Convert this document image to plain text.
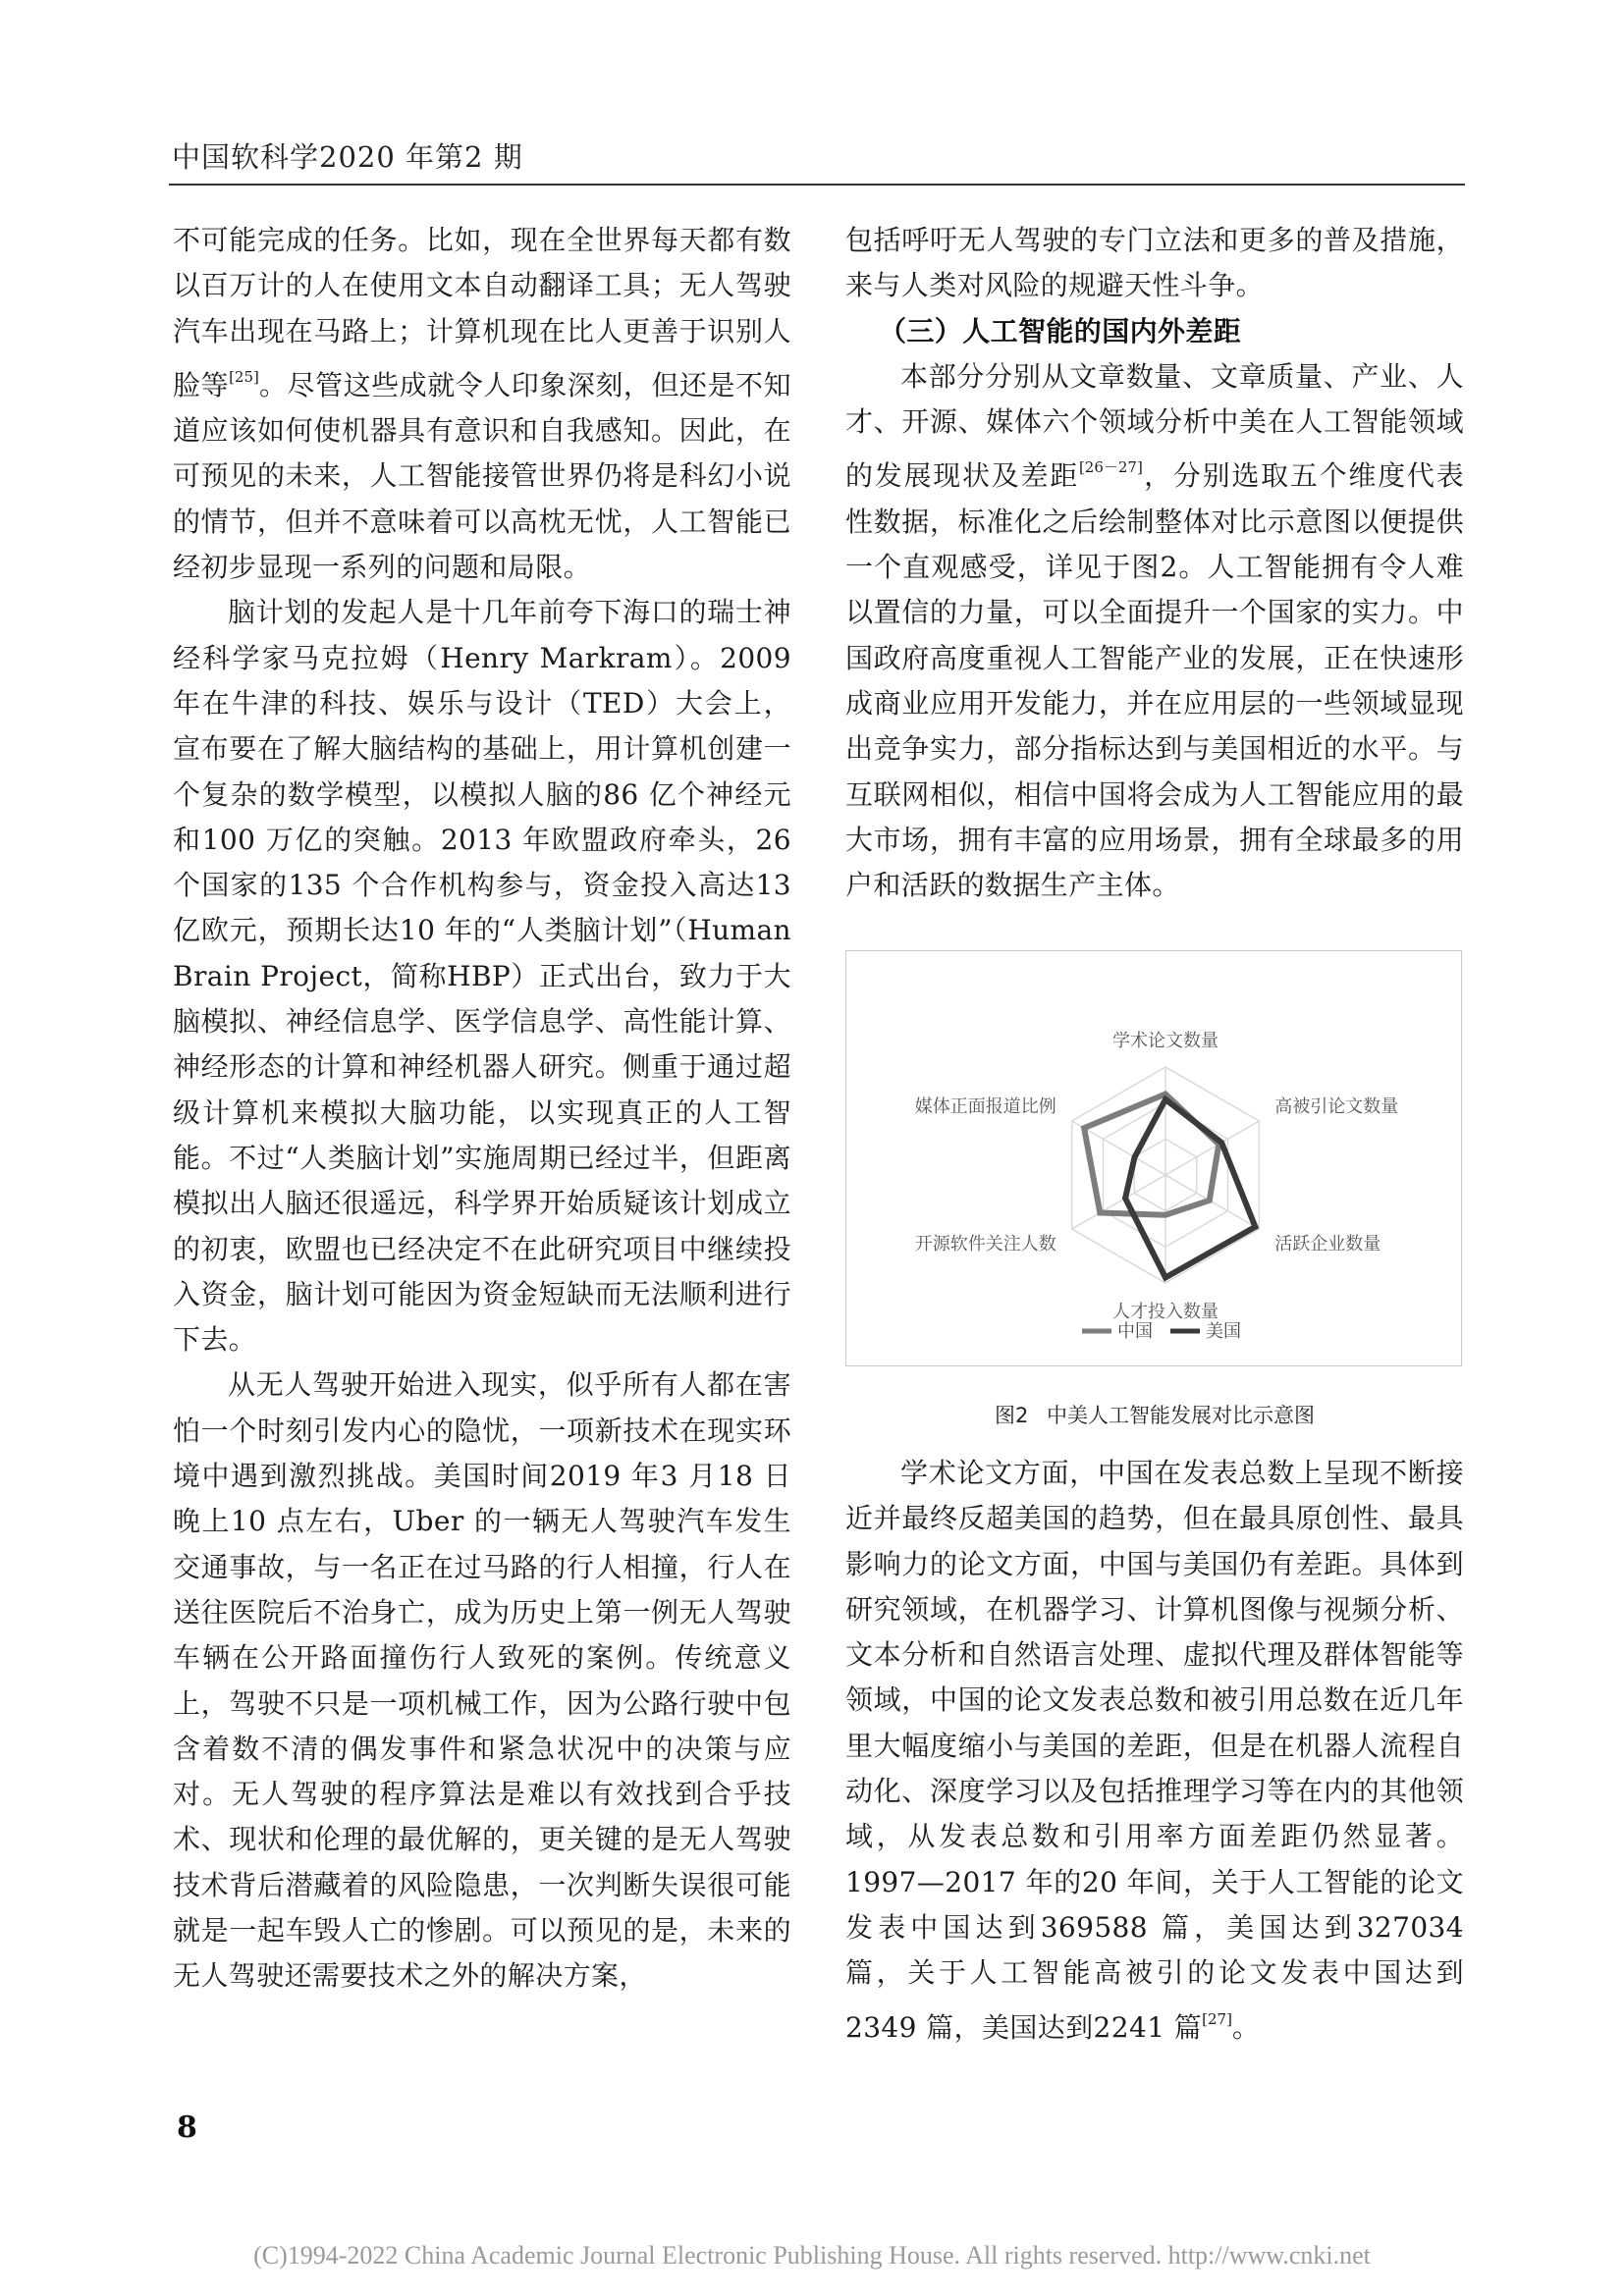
中国软科学2020 年第2 期

不可能完成的任务。比如，现在全世界每天都有数以百万计的人在使用文本自动翻译工具；无人驾驶汽车出现在马路上；计算机现在比人更善于识别人脸等[25]。尽管这些成就令人印象深刻，但还是不知道应该如何使机器具有意识和自我感知。因此，在可预见的未来，人工智能接管世界仍将是科幻小说的情节，但并不意味着可以高枕无忧，人工智能已经初步显现一系列的问题和局限。

脑计划的发起人是十几年前夸下海口的瑞士神经科学家马克拉姆（Henry Markram）。2009 年在牛津的科技、娱乐与设计（TED）大会上，宣布要在了解大脑结构的基础上，用计算机创建一个复杂的数学模型，以模拟人脑的86 亿个神经元和100 万亿的突触。2013 年欧盟政府牵头，26 个国家的135 个合作机构参与，资金投入高达13 亿欧元，预期长达10 年的“人类脑计划”（Human Brain Project，简称HBP）正式出台，致力于大脑模拟、神经信息学、医学信息学、高性能计算、神经形态的计算和神经机器人研究。侧重于通过超级计算机来模拟大脑功能，以实现真正的人工智能。不过“人类脑计划”实施周期已经过半，但距离模拟出人脑还很遥远，科学界开始质疑该计划成立的初衷，欧盟也已经决定不在此研究项目中继续投入资金，脑计划可能因为资金短缺而无法顺利进行下去。

从无人驾驶开始进入现实，似乎所有人都在害怕一个时刻引发内心的隐忧，一项新技术在现实环境中遇到激烈挑战。美国时间2019 年3 月18 日晚上10 点左右，Uber 的一辆无人驾驶汽车发生交通事故，与一名正在过马路的行人相撞，行人在送往医院后不治身亡，成为历史上第一例无人驾驶车辆在公开路面撞伤行人致死的案例。传统意义上，驾驶不只是一项机械工作，因为公路行驶中包含着数不清的偶发事件和紧急状况中的决策与应对。无人驾驶的程序算法是难以有效找到合乎技术、现状和伦理的最优解的，更关键的是无人驾驶技术背后潜藏着的风险隐患，一次判断失误很可能就是一起车毁人亡的惨剧。可以预见的是，未来的无人驾驶还需要技术之外的解决方案，

包括呼吁无人驾驶的专门立法和更多的普及措施，来与人类对风险的规避天性斗争。

（三）人工智能的国内外差距

本部分分别从文章数量、文章质量、产业、人才、开源、媒体六个领域分析中美在人工智能领域的发展现状及差距[26－27]，分别选取五个维度代表性数据，标准化之后绘制整体对比示意图以便提供一个直观感受，详见于图2。人工智能拥有令人难以置信的力量，可以全面提升一个国家的实力。中国政府高度重视人工智能产业的发展，正在快速形成商业应用开发能力，并在应用层的一些领域显现出竞争实力，部分指标达到与美国相近的水平。与互联网相似，相信中国将会成为人工智能应用的最大市场，拥有丰富的应用场景，拥有全球最多的用户和活跃的数据生产主体。

学术论文数量
高被引论文数量
活跃企业数量
人才投入数量
开源软件关注人数
媒体正面报道比例
中国	美国
图2 中美人工智能发展对比示意图

学术论文方面，中国在发表总数上呈现不断接近并最终反超美国的趋势，但在最具原创性、最具影响力的论文方面，中国与美国仍有差距。具体到研究领域，在机器学习、计算机图像与视频分析、文本分析和自然语言处理、虚拟代理及群体智能等领域，中国的论文发表总数和被引用总数在近几年里大幅度缩小与美国的差距，但是在机器人流程自动化、深度学习以及包括推理学习等在内的其他领域，从发表总数和引用率方面差距仍然显著。1997—2017 年的20 年间，关于人工智能的论文发表中国达到369588 篇，美国达到327034 篇，关于人工智能高被引的论文发表中国达到2349 篇，美国达到2241 篇[27]。

8
(C)1994-2022 China Academic Journal Electronic Publishing House. All rights reserved. http://www.cnki.net
